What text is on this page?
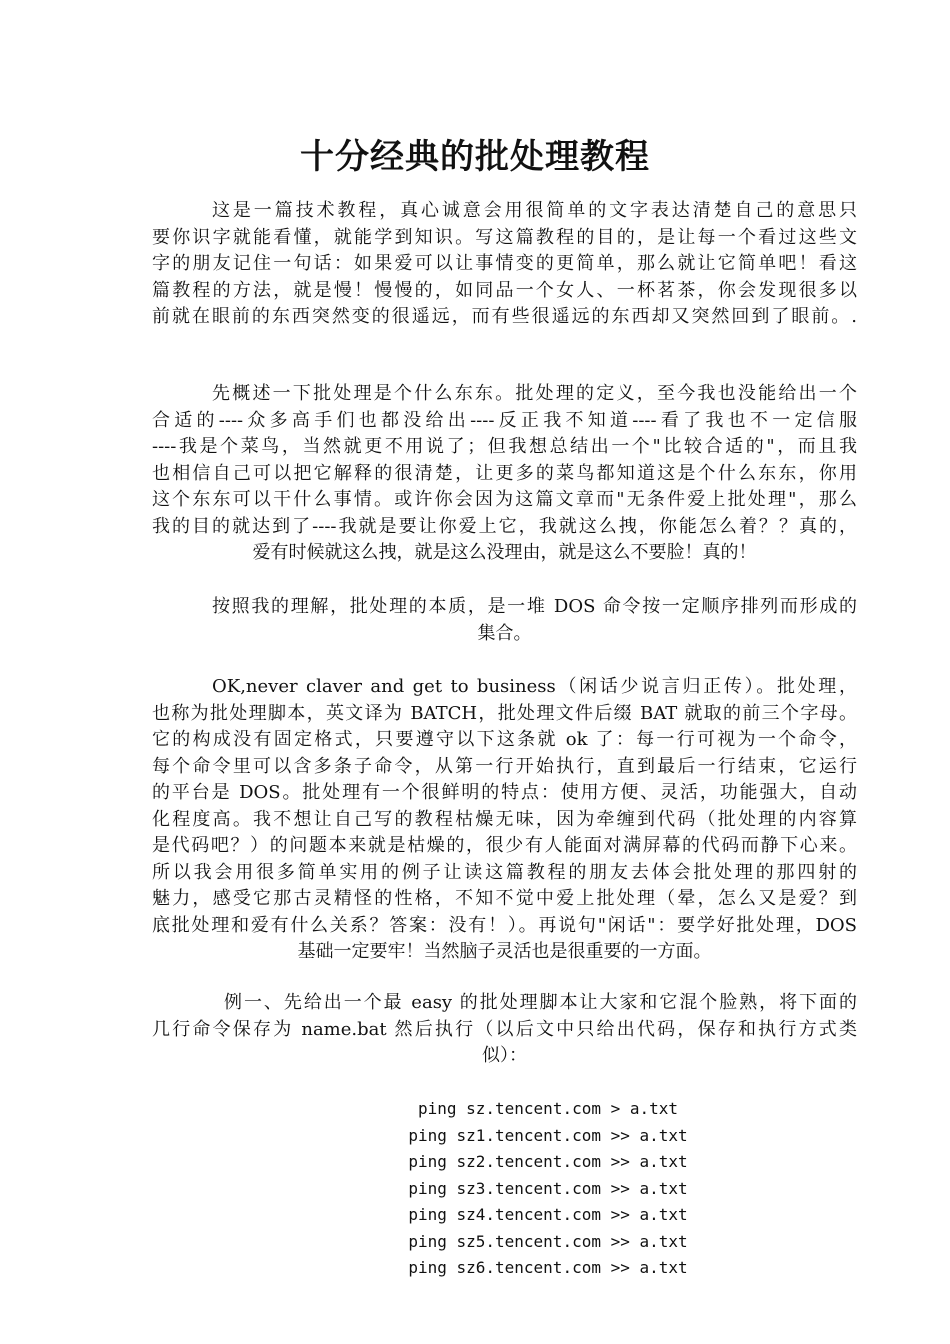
十分经典的批处理教程
这是一篇技术教程，真心诚意会用很简单的文字表达清楚自己的意思只
要你识字就能看懂，就能学到知识。写这篇教程的目的，是让每一个看过这些文
字的朋友记住一句话：如果爱可以让事情变的更简单，那么就让它简单吧！看这
篇教程的方法，就是慢！慢慢的，如同品一个女人、一杯茗茶，你会发现很多以
前就在眼前的东西突然变的很遥远，而有些很遥远的东西却又突然回到了眼前。.
先概述一下批处理是个什么东东。批处理的定义，至今我也没能给出一个
合适的----众多高手们也都没给出----反正我不知道----看了我也不一定信服
----我是个菜鸟，当然就更不用说了；但我想总结出一个"比较合适的"，而且我
也相信自己可以把它解释的很清楚，让更多的菜鸟都知道这是个什么东东，你用
这个东东可以干什么事情。或许你会因为这篇文章而"无条件爱上批处理"，那么
我的目的就达到了----我就是要让你爱上它，我就这么拽，你能怎么着？？真的，
爱有时候就这么拽，就是这么没理由，就是这么不要脸！真的！
按照我的理解，批处理的本质，是一堆 DOS 命令按一定顺序排列而形成的
集合。
OK,never claver and get to business（闲话少说言归正传）。批处理，
也称为批处理脚本，英文译为 BATCH，批处理文件后缀 BAT 就取的前三个字母。
它的构成没有固定格式，只要遵守以下这条就 ok 了：每一行可视为一个命令，
每个命令里可以含多条子命令，从第一行开始执行，直到最后一行结束，它运行
的平台是 DOS。批处理有一个很鲜明的特点：使用方便、灵活，功能强大，自动
化程度高。我不想让自己写的教程枯燥无味，因为牵缠到代码（批处理的内容算
是代码吧？）的问题本来就是枯燥的，很少有人能面对满屏幕的代码而静下心来。
所以我会用很多简单实用的例子让读这篇教程的朋友去体会批处理的那四射的
魅力，感受它那古灵精怪的性格，不知不觉中爱上批处理（晕，怎么又是爱？到
底批处理和爱有什么关系？答案：没有！）。再说句"闲话"：要学好批处理，DOS
基础一定要牢！当然脑子灵活也是很重要的一方面。
例一、先给出一个最 easy 的批处理脚本让大家和它混个脸熟，将下面的
几行命令保存为 name.bat 然后执行（以后文中只给出代码，保存和执行方式类
似）：
ping sz.tencent.com > a.txt
ping sz1.tencent.com >> a.txt
ping sz2.tencent.com >> a.txt
ping sz3.tencent.com >> a.txt
ping sz4.tencent.com >> a.txt
ping sz5.tencent.com >> a.txt
ping sz6.tencent.com >> a.txt
